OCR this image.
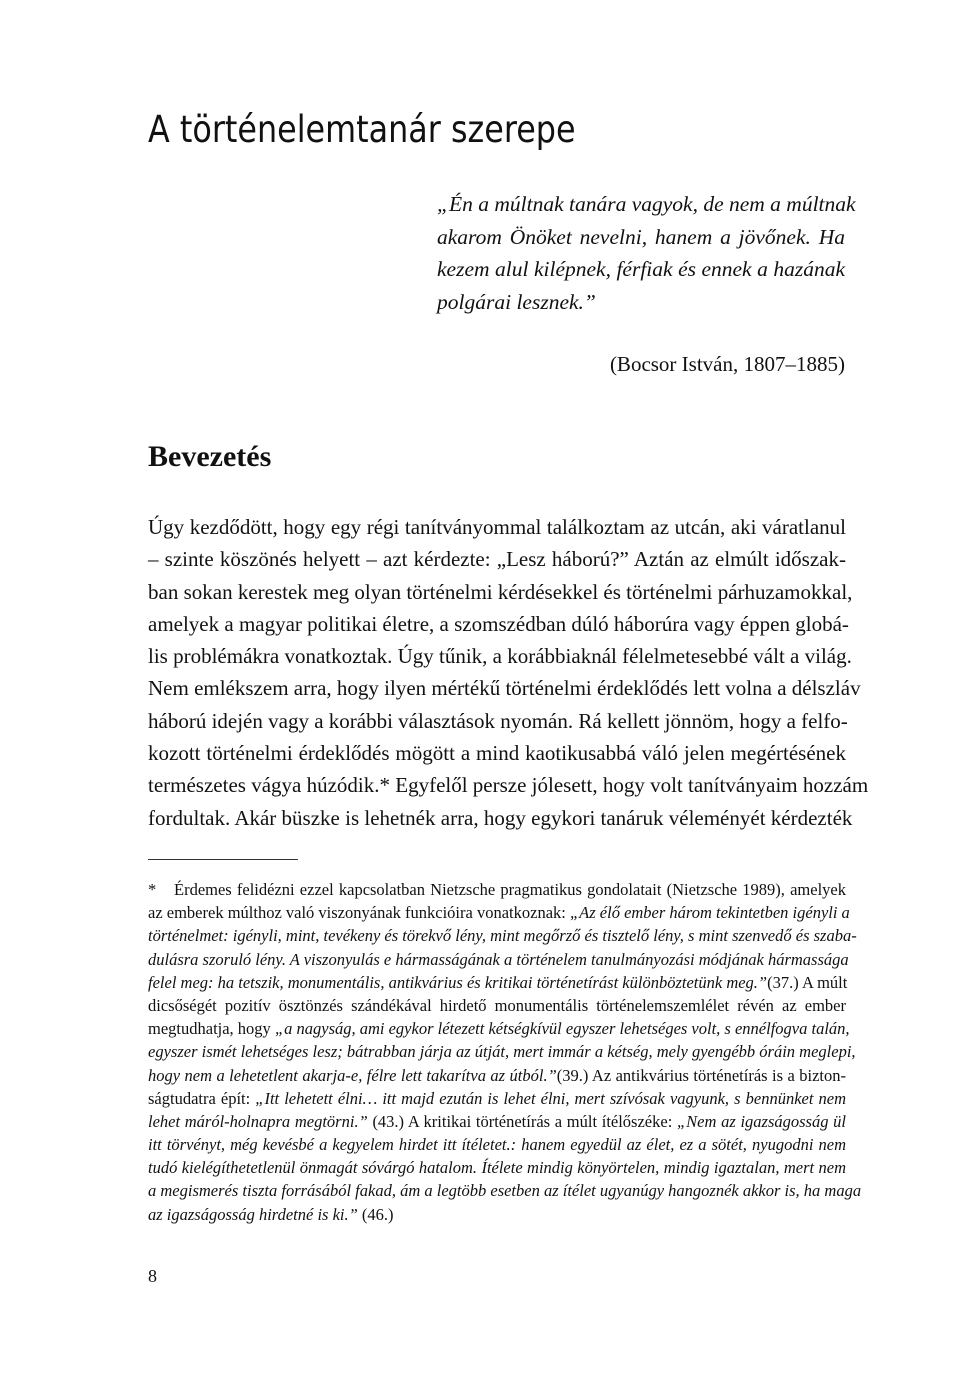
A történelemtanár szerepe
„Én a múltnak tanára vagyok, de nem a múltnak
akarom Önöket nevelni, hanem a jövőnek. Ha
kezem alul kilépnek, férfiak és ennek a hazának
polgárai lesznek.”
(Bocsor István, 1807–1885)
Bevezetés
Úgy kezdődött, hogy egy régi tanítványommal találkoztam az utcán, aki váratlanul
– szinte köszönés helyett – azt kérdezte: „Lesz háború?” Aztán az elmúlt időszak-
ban sokan kerestek meg olyan történelmi kérdésekkel és történelmi párhuzamokkal,
amelyek a magyar politikai életre, a szomszédban dúló háborúra vagy éppen globá-
lis problémákra vonatkoztak. Úgy tűnik, a korábbiaknál félelmetesebbé vált a világ.
Nem emlékszem arra, hogy ilyen mértékű történelmi érdeklődés lett volna a délszláv
háború idején vagy a korábbi választások nyomán. Rá kellett jönnöm, hogy a felfo-
kozott történelmi érdeklődés mögött a mind kaotikusabbá váló jelen megértésének
természetes vágya húzódik.* Egyfelől persze jólesett, hogy volt tanítványaim hozzám
fordultak. Akár büszke is lehetnék arra, hogy egykori tanáruk véleményét kérdezték
* Érdemes felidézni ezzel kapcsolatban Nietzsche pragmatikus gondolatait (Nietzsche 1989), amelyek
az emberek múlthoz való viszonyának funkcióira vonatkoznak: „Az élő ember három tekintetben igényli a
történelmet: igényli, mint, tevékeny és törekvő lény, mint megőrző és tisztelő lény, s mint szenvedő és szaba-
dulásra szoruló lény. A viszonyulás e hármasságának a történelem tanulmányozási módjának hármassága
felel meg: ha tetszik, monumentális, antikvárius és kritikai történetírást különböztetünk meg.”(37.) A múlt
dicsőségét pozitív ösztönzés szándékával hirdető monumentális történelemszemlélet révén az ember
megtudhatja, hogy „a nagyság, ami egykor létezett kétségkívül egyszer lehetséges volt, s ennélfogva talán,
egyszer ismét lehetséges lesz; bátrabban járja az útját, mert immár a kétség, mely gyengébb óráin meglepi,
hogy nem a lehetetlent akarja-e, félre lett takarítva az útból.”(39.) Az antikvárius történetírás is a bizton-
ságtudatra épít: „Itt lehetett élni… itt majd ezután is lehet élni, mert szívósak vagyunk, s bennünket nem
lehet máról-holnapra megtörni.” (43.) A kritikai történetírás a múlt ítélőszéke: „Nem az igazságosság ül
itt törvényt, még kevésbé a kegyelem hirdet itt ítéletet.: hanem egyedül az élet, ez a sötét, nyugodni nem
tudó kielégíthetetlenül önmagát sóvárgó hatalom. Ítélete mindig könyörtelen, mindig igaztalan, mert nem
a megismerés tiszta forrásából fakad, ám a legtöbb esetben az ítélet ugyanúgy hangoznék akkor is, ha maga
az igazságosság hirdetné is ki.” (46.)
8
